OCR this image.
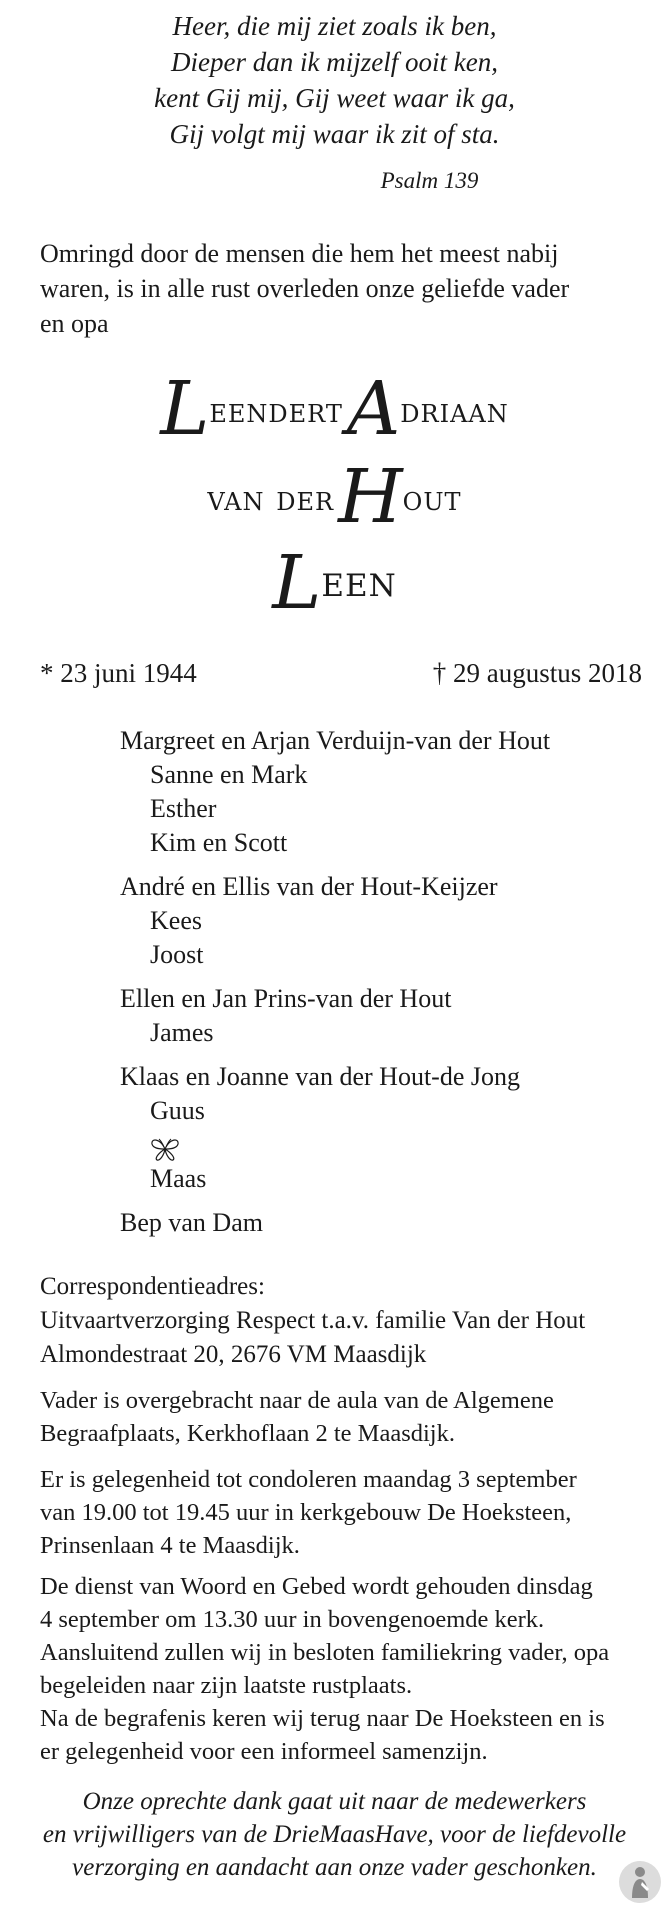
Heer, die mij ziet zoals ik ben,
Dieper dan ik mijzelf ooit ken,
kent Gij mij, Gij weet waar ik ga,
Gij volgt mij waar ik zit of sta.
Psalm 139
Omringd door de mensen die hem het meest nabij
waren, is in alle rust overleden onze geliefde vader
en opa
Leendert Adriaan
van der Hout
Leen
* 23 juni 1944	† 29 augustus 2018
Margreet en Arjan Verduijn-van der Hout
Sanne en Mark
Esther
Kim en Scott
André en Ellis van der Hout-Keijzer
Kees
Joost
Ellen en Jan Prins-van der Hout
James
Klaas en Joanne van der Hout-de Jong
Guus
Maas
Bep van Dam
Correspondentieadres:
Uitvaartverzorging Respect t.a.v. familie Van der Hout
Almondestraat 20, 2676 VM Maasdijk
Vader is overgebracht naar de aula van de Algemene
Begraafplaats, Kerkhoflaan 2 te Maasdijk.
Er is gelegenheid tot condoleren maandag 3 september
van 19.00 tot 19.45 uur in kerkgebouw De Hoeksteen,
Prinsenlaan 4 te Maasdijk.
De dienst van Woord en Gebed wordt gehouden dinsdag
4 september om 13.30 uur in bovengenoemde kerk.
Aansluitend zullen wij in besloten familiekring vader, opa
begeleiden naar zijn laatste rustplaats.
Na de begrafenis keren wij terug naar De Hoeksteen en is
er gelegenheid voor een informeel samenzijn.
Onze oprechte dank gaat uit naar de medewerkers
en vrijwilligers van de DrieMaasHave, voor de liefdevolle
verzorging en aandacht aan onze vader geschonken.
